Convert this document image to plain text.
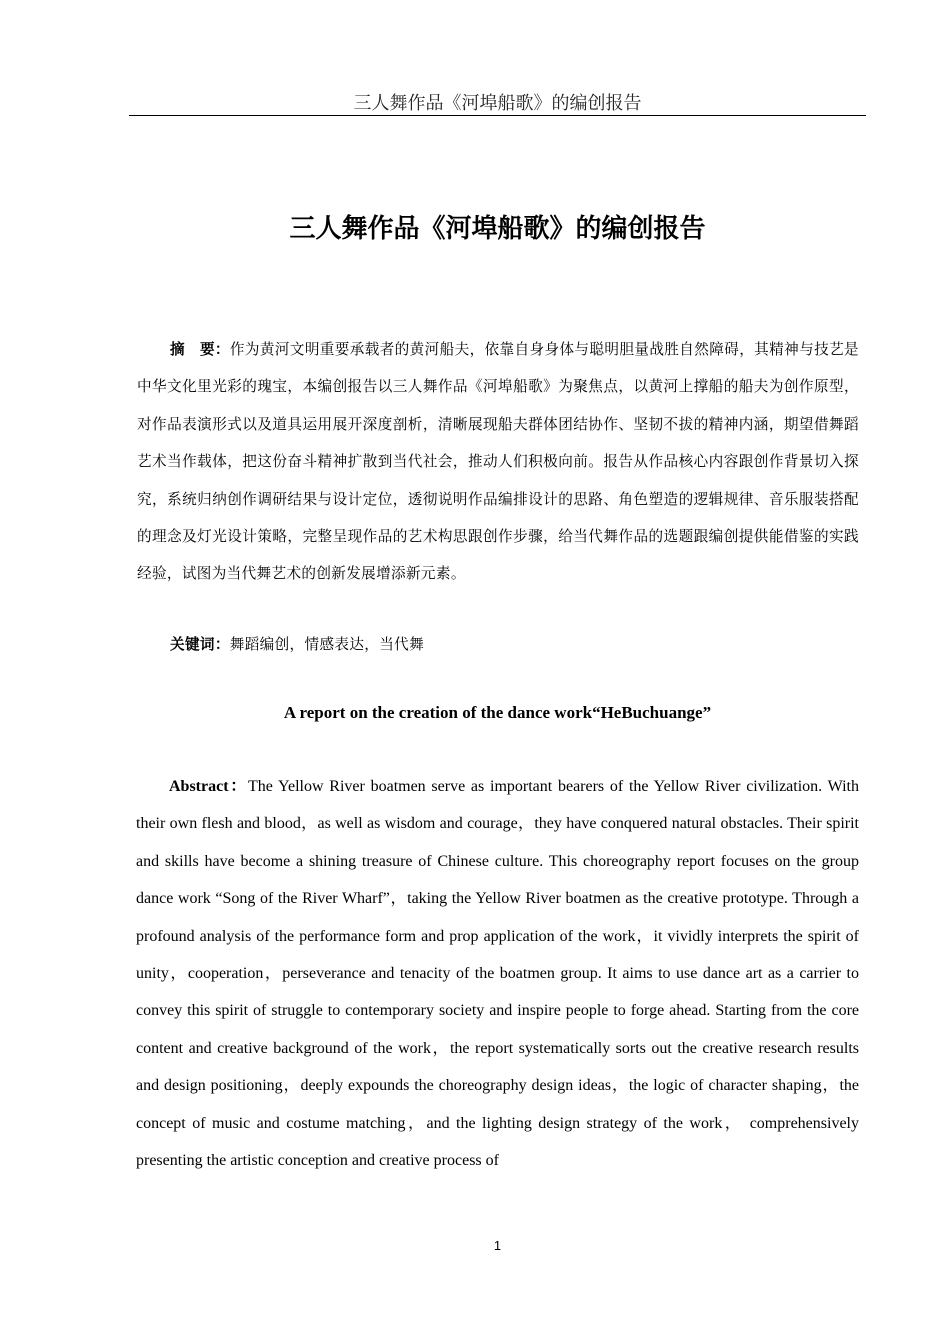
三人舞作品《河埠船歌》的编创报告
三人舞作品《河埠船歌》的编创报告
摘　要：作为黄河文明重要承载者的黄河船夫，依靠自身身体与聪明胆量战胜自然障碍，其精神与技艺是中华文化里光彩的瑰宝，本编创报告以三人舞作品《河埠船歌》为聚焦点，以黄河上撑船的船夫为创作原型，对作品表演形式以及道具运用展开深度剖析，清晰展现船夫群体团结协作、坚韧不拔的精神内涵，期望借舞蹈艺术当作载体，把这份奋斗精神扩散到当代社会，推动人们积极向前。报告从作品核心内容跟创作背景切入探究，系统归纳创作调研结果与设计定位，透彻说明作品编排设计的思路、角色塑造的逻辑规律、音乐服装搭配的理念及灯光设计策略，完整呈现作品的艺术构思跟创作步骤，给当代舞作品的选题跟编创提供能借鉴的实践经验，试图为当代舞艺术的创新发展增添新元素。
关键词：舞蹈编创，情感表达，当代舞
A report on the creation of the dance work“HeBuchuange”
Abstract：The Yellow River boatmen serve as important bearers of the Yellow River civilization. With their own flesh and blood，as well as wisdom and courage，they have conquered natural obstacles. Their spirit and skills have become a shining treasure of Chinese culture. This choreography report focuses on the group dance work “Song of the River Wharf”，taking the Yellow River boatmen as the creative prototype. Through a profound analysis of the performance form and prop application of the work，it vividly interprets the spirit of unity，cooperation，perseverance and tenacity of the boatmen group. It aims to use dance art as a carrier to convey this spirit of struggle to contemporary society and inspire people to forge ahead. Starting from the core content and creative background of the work，the report systematically sorts out the creative research results and design positioning，deeply expounds the choreography design ideas，the logic of character shaping，the concept of music and costume matching，and the lighting design strategy of the work， comprehensively presenting the artistic conception and creative process of
1
